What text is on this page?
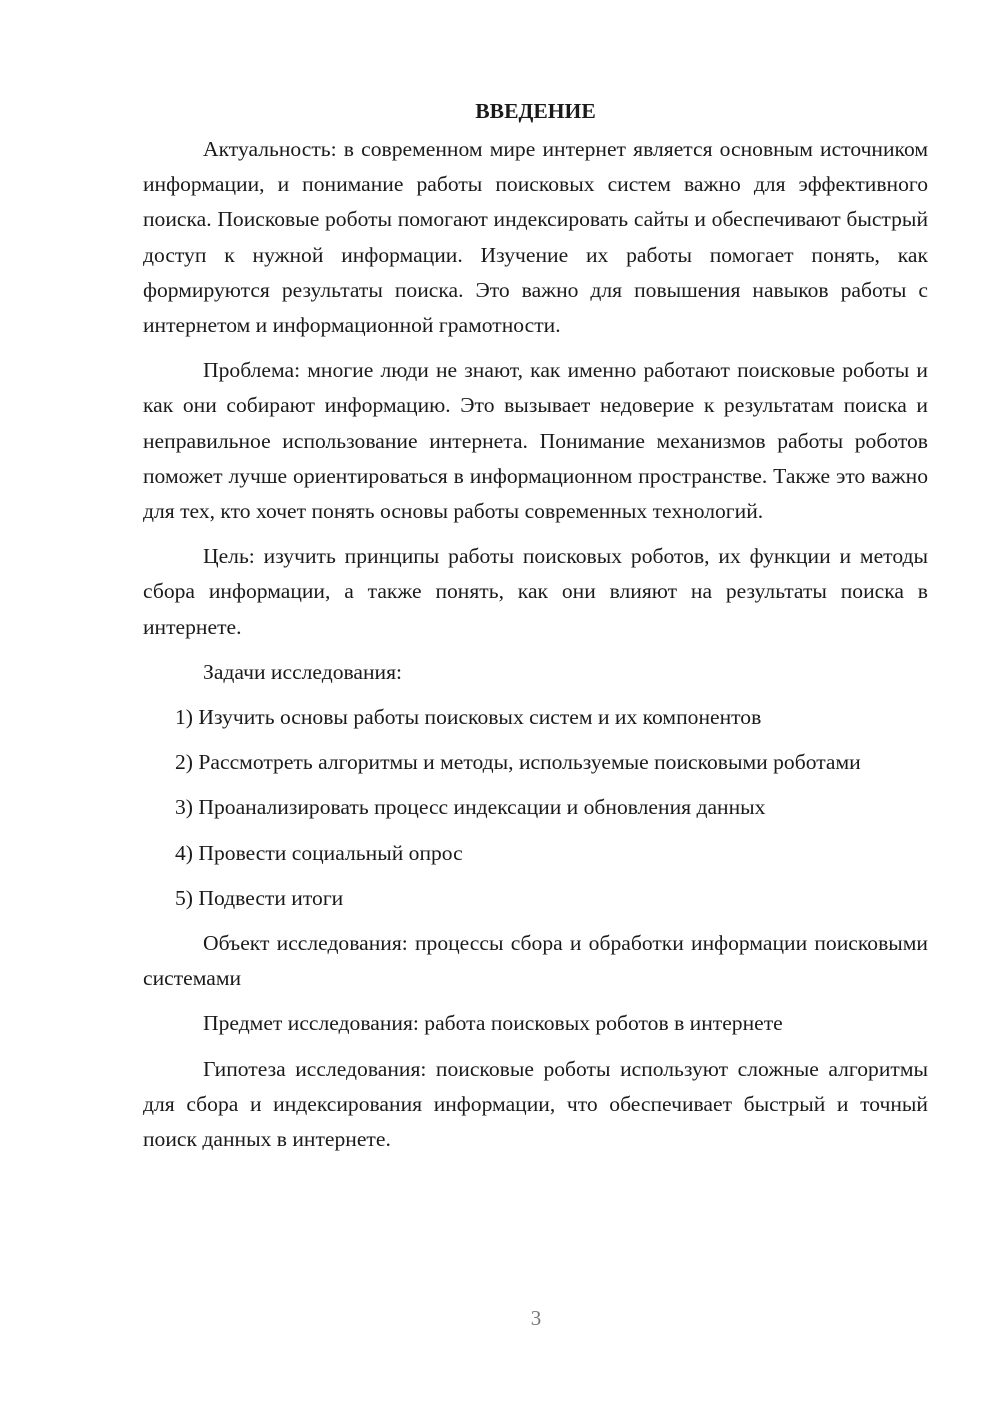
ВВЕДЕНИЕ

Актуальность: в современном мире интернет является основным источником информации, и понимание работы поисковых систем важно для эффективного поиска. Поисковые роботы помогают индексировать сайты и обеспечивают быстрый доступ к нужной информации. Изучение их работы помогает понять, как формируются результаты поиска. Это важно для повышения навыков работы с интернетом и информационной грамотности.

Проблема: многие люди не знают, как именно работают поисковые роботы и как они собирают информацию. Это вызывает недоверие к результатам поиска и неправильное использование интернета. Понимание механизмов работы роботов поможет лучше ориентироваться в информационном пространстве. Также это важно для тех, кто хочет понять основы работы современных технологий.

Цель: изучить принципы работы поисковых роботов, их функции и методы сбора информации, а также понять, как они влияют на результаты поиска в интернете.

Задачи исследования:

1) Изучить основы работы поисковых систем и их компонентов

2) Рассмотреть алгоритмы и методы, используемые поисковыми роботами

3) Проанализировать процесс индексации и обновления данных

4) Провести социальный опрос

5) Подвести итоги

Объект исследования: процессы сбора и обработки информации поисковыми системами

Предмет исследования: работа поисковых роботов в интернете

Гипотеза исследования: поисковые роботы используют сложные алгоритмы для сбора и индексирования информации, что обеспечивает быстрый и точный поиск данных в интернете.

3
